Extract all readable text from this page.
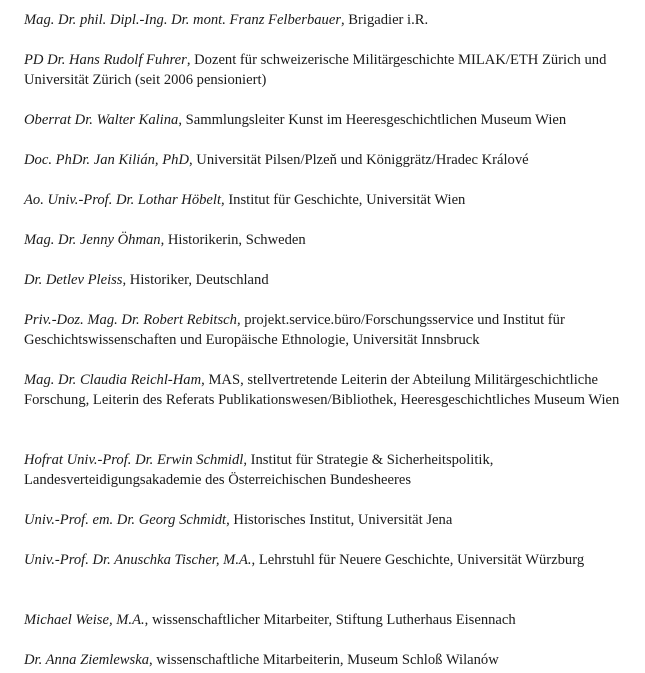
Mag. Dr. phil. Dipl.-Ing. Dr. mont. Franz Felberbauer, Brigadier i.R.

PD Dr. Hans Rudolf Fuhrer, Dozent für schweizerische Militärgeschichte MILAK/ETH Zürich und Universität Zürich (seit 2006 pensioniert)

Oberrat Dr. Walter Kalina, Sammlungsleiter Kunst im Heeresgeschichtlichen Museum Wien

Doc. PhDr. Jan Kilián, PhD, Universität Pilsen/Plzeň und Königgrätz/Hradec Králové

Ao. Univ.-Prof. Dr. Lothar Höbelt, Institut für Geschichte, Universität Wien

Mag. Dr. Jenny Öhman, Historikerin, Schweden

Dr. Detlev Pleiss, Historiker, Deutschland

Priv.-Doz. Mag. Dr. Robert Rebitsch, projekt.service.büro/Forschungsservice und Institut für Geschichtswissenschaften und Europäische Ethnologie, Universität Innsbruck

Mag. Dr. Claudia Reichl-Ham, MAS, stellvertretende Leiterin der Abteilung Militärgeschichtliche Forschung, Leiterin des Referats Publikationswesen/Bibliothek, Heeresgeschichtliches Museum Wien

Hofrat Univ.-Prof. Dr. Erwin Schmidl, Institut für Strategie & Sicherheitspolitik, Landesverteidigungsakademie des Österreichischen Bundesheeres

Univ.-Prof. em. Dr. Georg Schmidt, Historisches Institut, Universität Jena

Univ.-Prof. Dr. Anuschka Tischer, M.A., Lehrstuhl für Neuere Geschichte, Universität Würzburg

Michael Weise, M.A., wissenschaftlicher Mitarbeiter, Stiftung Lutherhaus Eisennach

Dr. Anna Ziemlewska, wissenschaftliche Mitarbeiterin, Museum Schloß Wilanów
